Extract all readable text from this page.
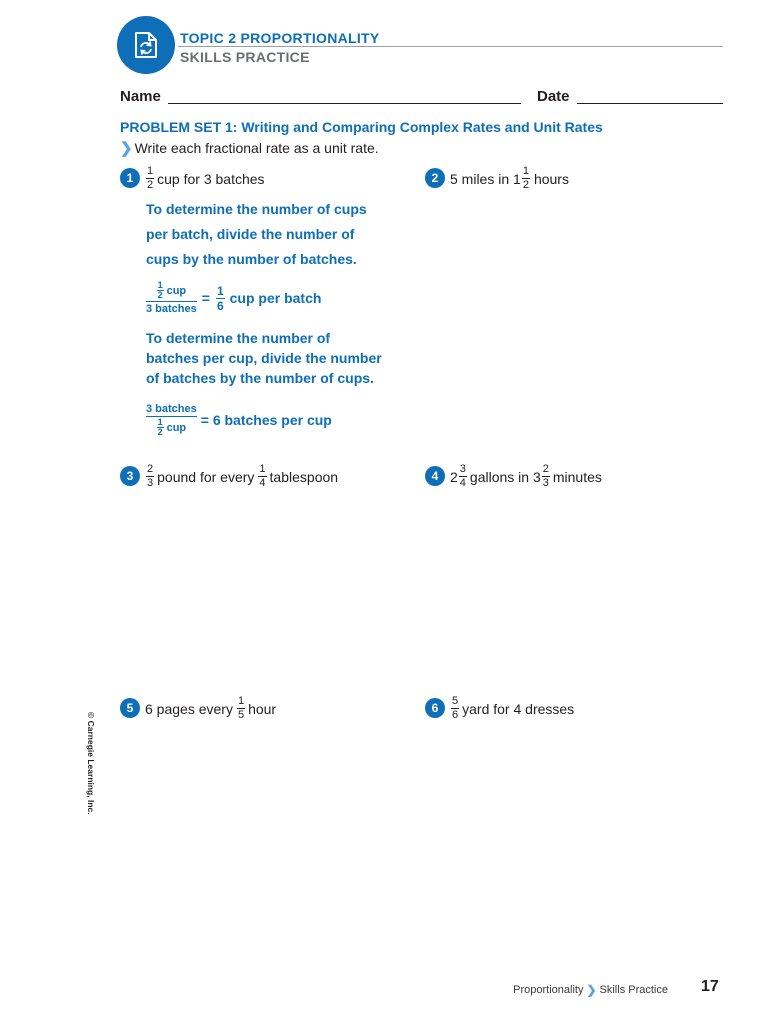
TOPIC 2 PROPORTIONALITY
SKILLS PRACTICE
Name	Date
PROBLEM SET 1: Writing and Comparing Complex Rates and Unit Rates
❯ Write each fractional rate as a unit rate.
1	1
2 cup for 3 batches	2 5 miles in 1 1
2 hours
To determine the number of cups
per batch, divide the number of
cups by the number of batches.
1
2 cup
3 batches
= $\frac{1}{6}$ cup per batch
To determine the number of
batches per cup, divide the number
of batches by the number of cups.
3 batches
1
2 cup = 6 batches per cup
3	2
3 pound for every 1
4 tablespoon	4 2 3
4 gallons in 3 2
3 minutes
5 6 pages every 1
5 hour	6	5
6 yard for 4 dresses
© Carnegie Learning, Inc.
Proportionality ❯ Skills Practice 17
